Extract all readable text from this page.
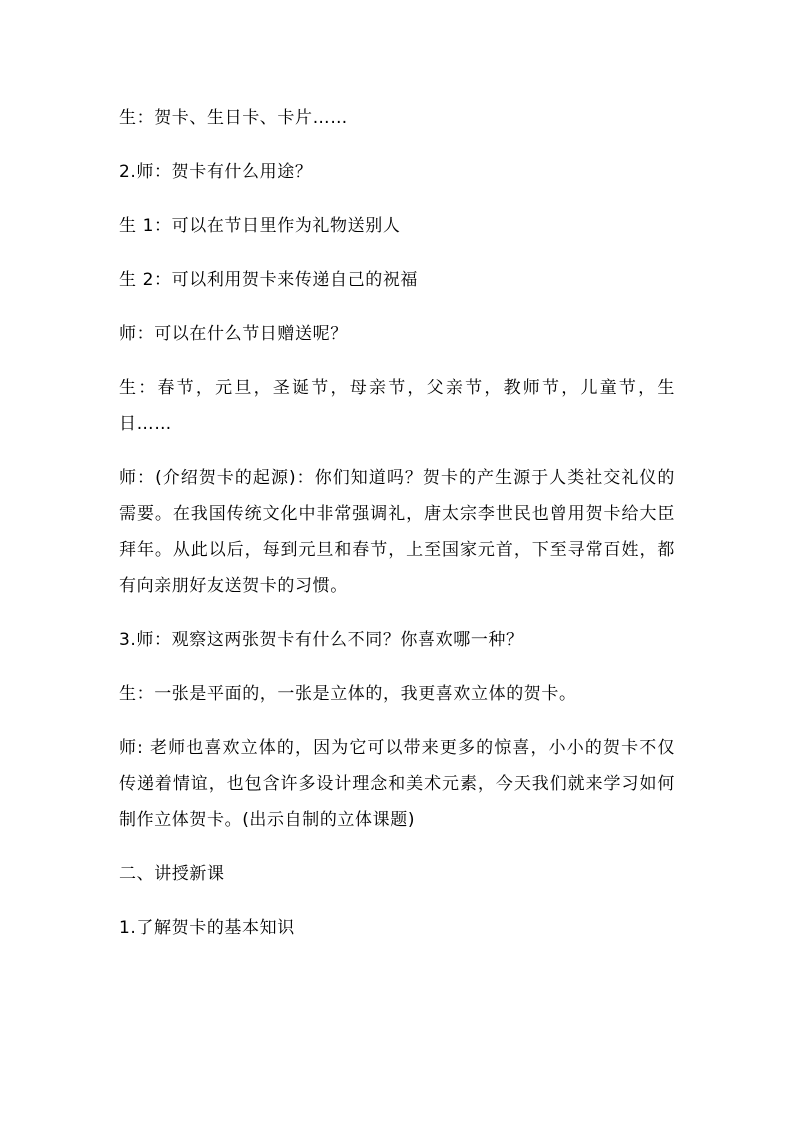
生：贺卡、生日卡、卡片……

2.师：贺卡有什么用途？

生 1：可以在节日里作为礼物送别人

生 2：可以利用贺卡来传递自己的祝福

师：可以在什么节日赠送呢？

生：春节，元旦，圣诞节，母亲节，父亲节，教师节，儿童节，生日……

师：(介绍贺卡的起源)：你们知道吗？贺卡的产生源于人类社交礼仪的需要。在我国传统文化中非常强调礼，唐太宗李世民也曾用贺卡给大臣拜年。从此以后，每到元旦和春节，上至国家元首，下至寻常百姓，都有向亲朋好友送贺卡的习惯。

3.师：观察这两张贺卡有什么不同？你喜欢哪一种？

生：一张是平面的，一张是立体的，我更喜欢立体的贺卡。

师: 老师也喜欢立体的，因为它可以带来更多的惊喜，小小的贺卡不仅传递着情谊，也包含许多设计理念和美术元素，今天我们就来学习如何制作立体贺卡。(出示自制的立体课题)

二、讲授新课

1.了解贺卡的基本知识
